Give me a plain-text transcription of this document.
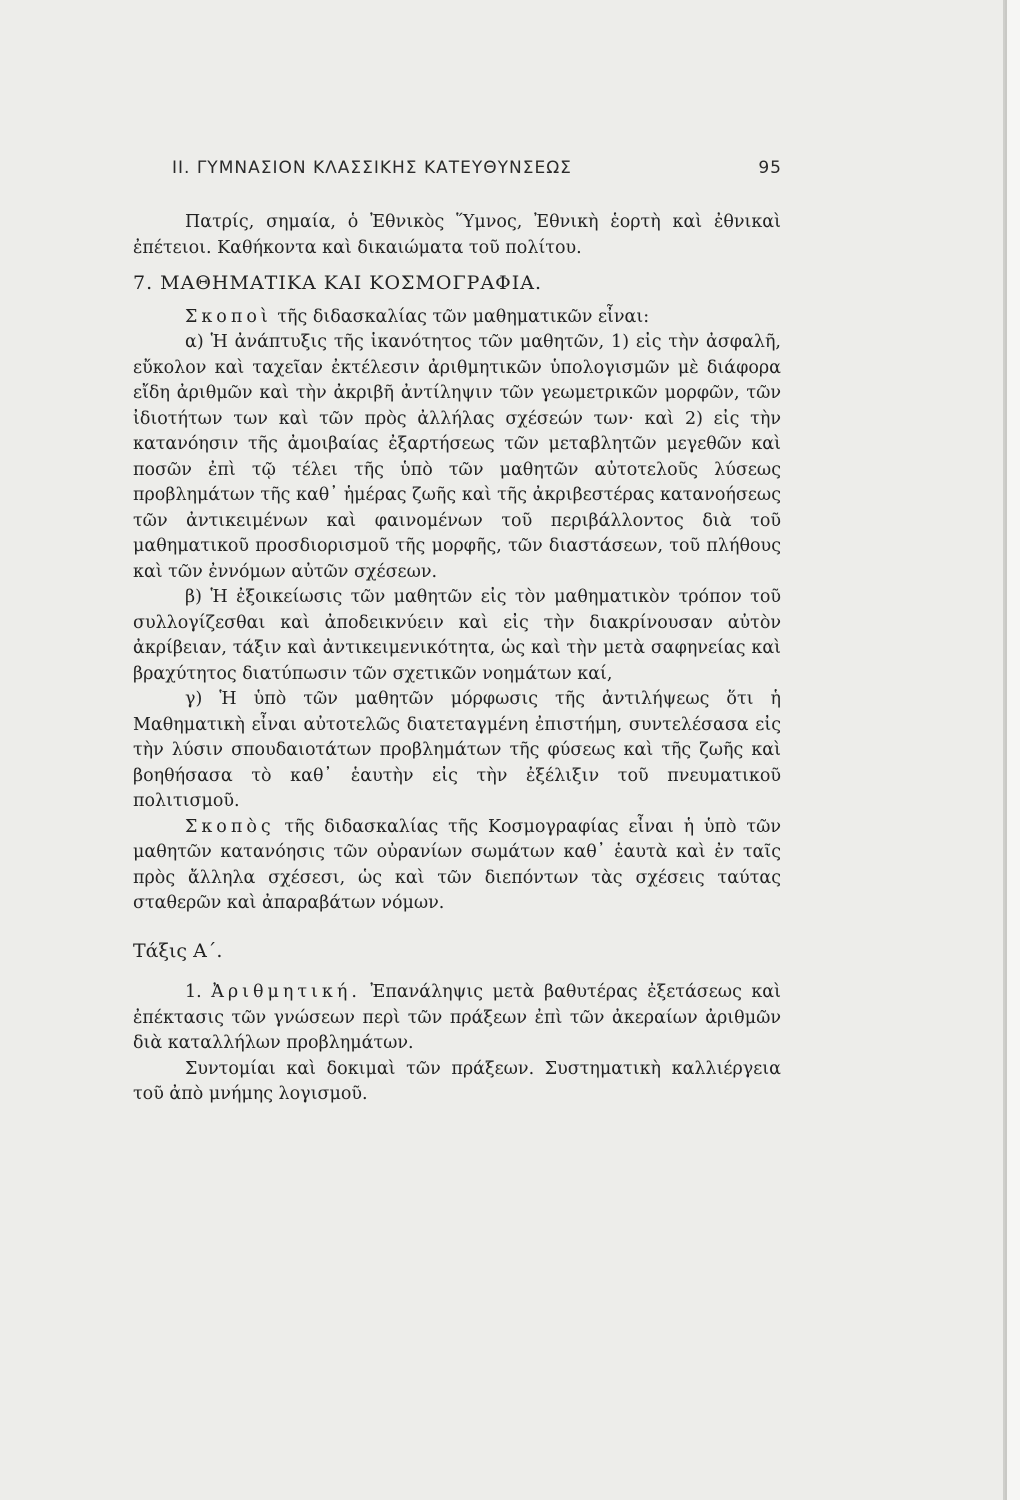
ΙΙ. ΓΥΜΝΑΣΙΟΝ ΚΛΑΣΣΙΚΗΣ ΚΑΤΕΥΘΥΝΣΕΩΣ	95

Πατρίς, σημαία, ὁ Ἐθνικὸς Ὕμνος, Ἐθνικὴ ἑορτὴ καὶ ἐθνικαὶ ἐπέτειοι. Καθήκοντα καὶ δικαιώματα τοῦ πολίτου.

7. ΜΑΘΗΜΑΤΙΚΑ ΚΑΙ ΚΟΣΜΟΓΡΑΦΙΑ.

Σκοποὶ τῆς διδασκαλίας τῶν μαθηματικῶν εἶναι:

α) Ἡ ἀνάπτυξις τῆς ἱκανότητος τῶν μαθητῶν, 1) εἰς τὴν ἀσφαλῆ, εὔκολον καὶ ταχεῖαν ἐκτέλεσιν ἀριθμητικῶν ὑπολογισμῶν μὲ διάφορα εἴδη ἀριθμῶν καὶ τὴν ἀκριβῆ ἀντίληψιν τῶν γεωμετρικῶν μορφῶν, τῶν ἰδιοτήτων των καὶ τῶν πρὸς ἀλλήλας σχέσεών των· καὶ 2) εἰς τὴν κατανόησιν τῆς ἀμοιβαίας ἐξαρτήσεως τῶν μεταβλητῶν μεγεθῶν καὶ ποσῶν ἐπὶ τῷ τέλει τῆς ὑπὸ τῶν μαθητῶν αὐτοτελοῦς λύσεως προβλημάτων τῆς καθ᾽ ἡμέρας ζωῆς καὶ τῆς ἀκριβεστέρας κατανοήσεως τῶν ἀντικειμένων καὶ φαινομένων τοῦ περιβάλλοντος διὰ τοῦ μαθηματικοῦ προσδιορισμοῦ τῆς μορφῆς, τῶν διαστάσεων, τοῦ πλήθους καὶ τῶν ἐννόμων αὐτῶν σχέσεων.

β) Ἡ ἐξοικείωσις τῶν μαθητῶν εἰς τὸν μαθηματικὸν τρόπον τοῦ συλλογίζεσθαι καὶ ἀποδεικνύειν καὶ εἰς τὴν διακρίνουσαν αὐτὸν ἀκρίβειαν, τάξιν καὶ ἀντικειμενικότητα, ὡς καὶ τὴν μετὰ σαφηνείας καὶ βραχύτητος διατύπωσιν τῶν σχετικῶν νοημάτων καί,

γ) Ἡ ὑπὸ τῶν μαθητῶν μόρφωσις τῆς ἀντιλήψεως ὅτι ἡ Μαθηματικὴ εἶναι αὐτοτελῶς διατεταγμένη ἐπιστήμη, συντελέσασα εἰς τὴν λύσιν σπουδαιοτάτων προβλημάτων τῆς φύσεως καὶ τῆς ζωῆς καὶ βοηθήσασα τὸ καθ᾽ ἑαυτὴν εἰς τὴν ἐξέλιξιν τοῦ πνευματικοῦ πολιτισμοῦ.

Σκοπὸς τῆς διδασκαλίας τῆς Κοσμογραφίας εἶναι ἡ ὑπὸ τῶν μαθητῶν κατανόησις τῶν οὐρανίων σωμάτων καθ᾽ ἑαυτὰ καὶ ἐν ταῖς πρὸς ἄλληλα σχέσεσι, ὡς καὶ τῶν διεπόντων τὰς σχέσεις ταύτας σταθερῶν καὶ ἀπαραβάτων νόμων.

Τάξις Α΄.

1. Ἀριθμητική. Ἐπανάληψις μετὰ βαθυτέρας ἐξετάσεως καὶ ἐπέκτασις τῶν γνώσεων περὶ τῶν πράξεων ἐπὶ τῶν ἀκεραίων ἀριθμῶν διὰ καταλλήλων προβλημάτων.

Συντομίαι καὶ δοκιμαὶ τῶν πράξεων. Συστηματικὴ καλλιέργεια τοῦ ἀπὸ μνήμης λογισμοῦ.
